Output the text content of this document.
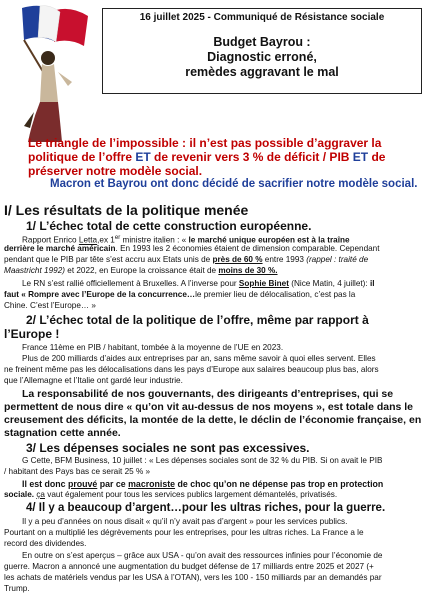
16 juillet 2025 - Communiqué de Résistance sociale
Budget Bayrou :
Diagnostic erroné,
remèdes aggravant le mal
Le triangle de l’impossible : il n’est pas possible d’aggraver la
politique de l’offre ET de revenir vers 3 % de déficit / PIB ET de
préserver notre modèle social.
Macron et Bayrou ont donc décidé de sacrifier notre modèle social.
I/ Les résultats de la politique menée
1/ L’échec total de cette construction européenne.
Rapport Enrico Letta,ex 1er ministre italien : « le marché unique européen est à la traîne
derrière le marché américain. En 1993 les 2 économies étaient de dimension comparable. Cependant
pendant que le PIB par tête s’est accru aux Etats unis de près de 60 % entre 1993 (rappel : traité de
Maastricht 1992) et 2022, en Europe la croissance était de moins de 30 %.
Le RN s’est rallié officiellement à Bruxelles. A l’inverse pour Sophie Binet (Nice Matin, 4 juillet): il
faut « Rompre avec l’Europe de la concurrence…le premier lieu de délocalisation, c’est pas la
Chine. C’est l’Europe… »
2/ L’échec total de la politique de l’offre, même par rapport à
l’Europe !
France 11ème en PIB / habitant, tombée à la moyenne de l’UE en 2023.
Plus de 200 milliards d’aides aux entreprises par an, sans même savoir à quoi elles servent. Elles
ne freinent même pas les délocalisations dans les pays d’Europe aux salaires beaucoup plus bas, alors
que l’Allemagne et l’Italie ont gardé leur industrie.
La responsabilité de nos gouvernants, des dirigeants d’entreprises, qui se
permettent de nous dire « qu’on vit au-dessus de nos moyens », est totale dans le
creusement des déficits, la montée de la dette, le déclin de l’économie française, en
stagnation cette année.
3/ Les dépenses sociales ne sont pas excessives.
G Cette, BFM Business, 10 juillet : « Les dépenses sociales sont de 32 % du PIB. Si on avait le PIB
/ habitant des Pays bas ce serait 25 % »
Il est donc prouvé par ce macroniste de choc qu’on ne dépense pas trop en protection
sociale. ça vaut également pour tous les services publics largement démantelés, privatisés.
4/ Il y a beaucoup d’argent…pour les ultras riches, pour la guerre.
Il y a peu d’années on nous disait « qu’il n’y avait pas d’argent » pour les services publics.
Pourtant on a multiplié les dégrèvements pour les entreprises, pour les ultras riches. La France a le
record des dividendes.
En outre on s’est aperçus – grâce aux USA - qu’on avait des ressources infinies pour l’économie de
guerre. Macron a annoncé une augmentation du budget défense de 17 milliards entre 2025 et 2027 (+
les achats de matériels vendus par les USA à l’OTAN), vers les 100 - 150 milliards par an demandés par
Trump.
